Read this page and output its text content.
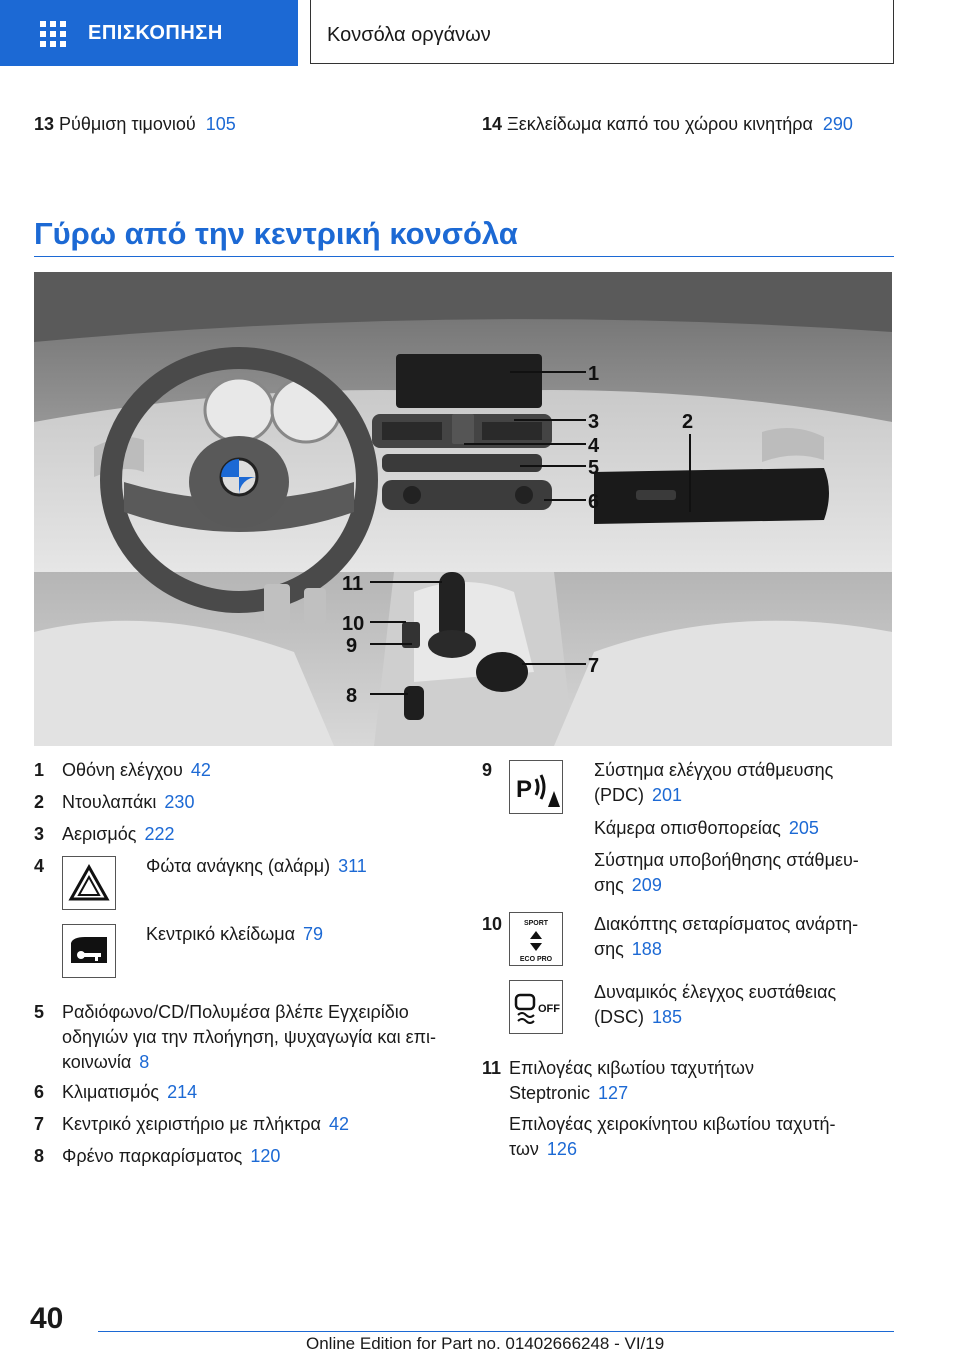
ΕΠΙΣΚΟΠΗΣΗ	Κονσόλα οργάνων
13 Ρύθμιση τιμονιού 105	14 Ξεκλείδωμα καπό του χώρου κινητήρα 290
Γύρω από την κεντρική κονσόλα
1
3
4
5
6
2
11
10
9
7
8
1 Οθόνη ελέγχου 42
2 Ντουλαπάκι 230
3 Αερισμός 222
4	Φώτα ανάγκης (αλάρμ) 311
Κεντρικό κλείδωμα 79
5 Ραδιόφωνο/CD/Πολυμέσα βλέπε Εγχειρίδιο
οδηγιών για την πλοήγηση, ψυχαγωγία και επι-
κοινωνία 8
6 Κλιματισμός 214
7 Κεντρικό χειριστήριο με πλήκτρα 42
8 Φρένο παρκαρίσματος 120
9
P
Σύστημα ελέγχου στάθμευσης
(PDC) 201
Κάμερα οπισθοπορείας 205
Σύστημα υποβοήθησης στάθμευ-
σης 209
10	SPORT
ECO PRO
Διακόπτης σεταρίσματος ανάρτη-
σης 188
OFF
Δυναμικός έλεγχος ευστάθειας
(DSC) 185
11 Επιλογέας κιβωτίου ταχυτήτων
Steptronic 127
Επιλογέας χειροκίνητου κιβωτίου ταχυτή-
των 126
40
Online Edition for Part no. 01402666248 - VI/19
